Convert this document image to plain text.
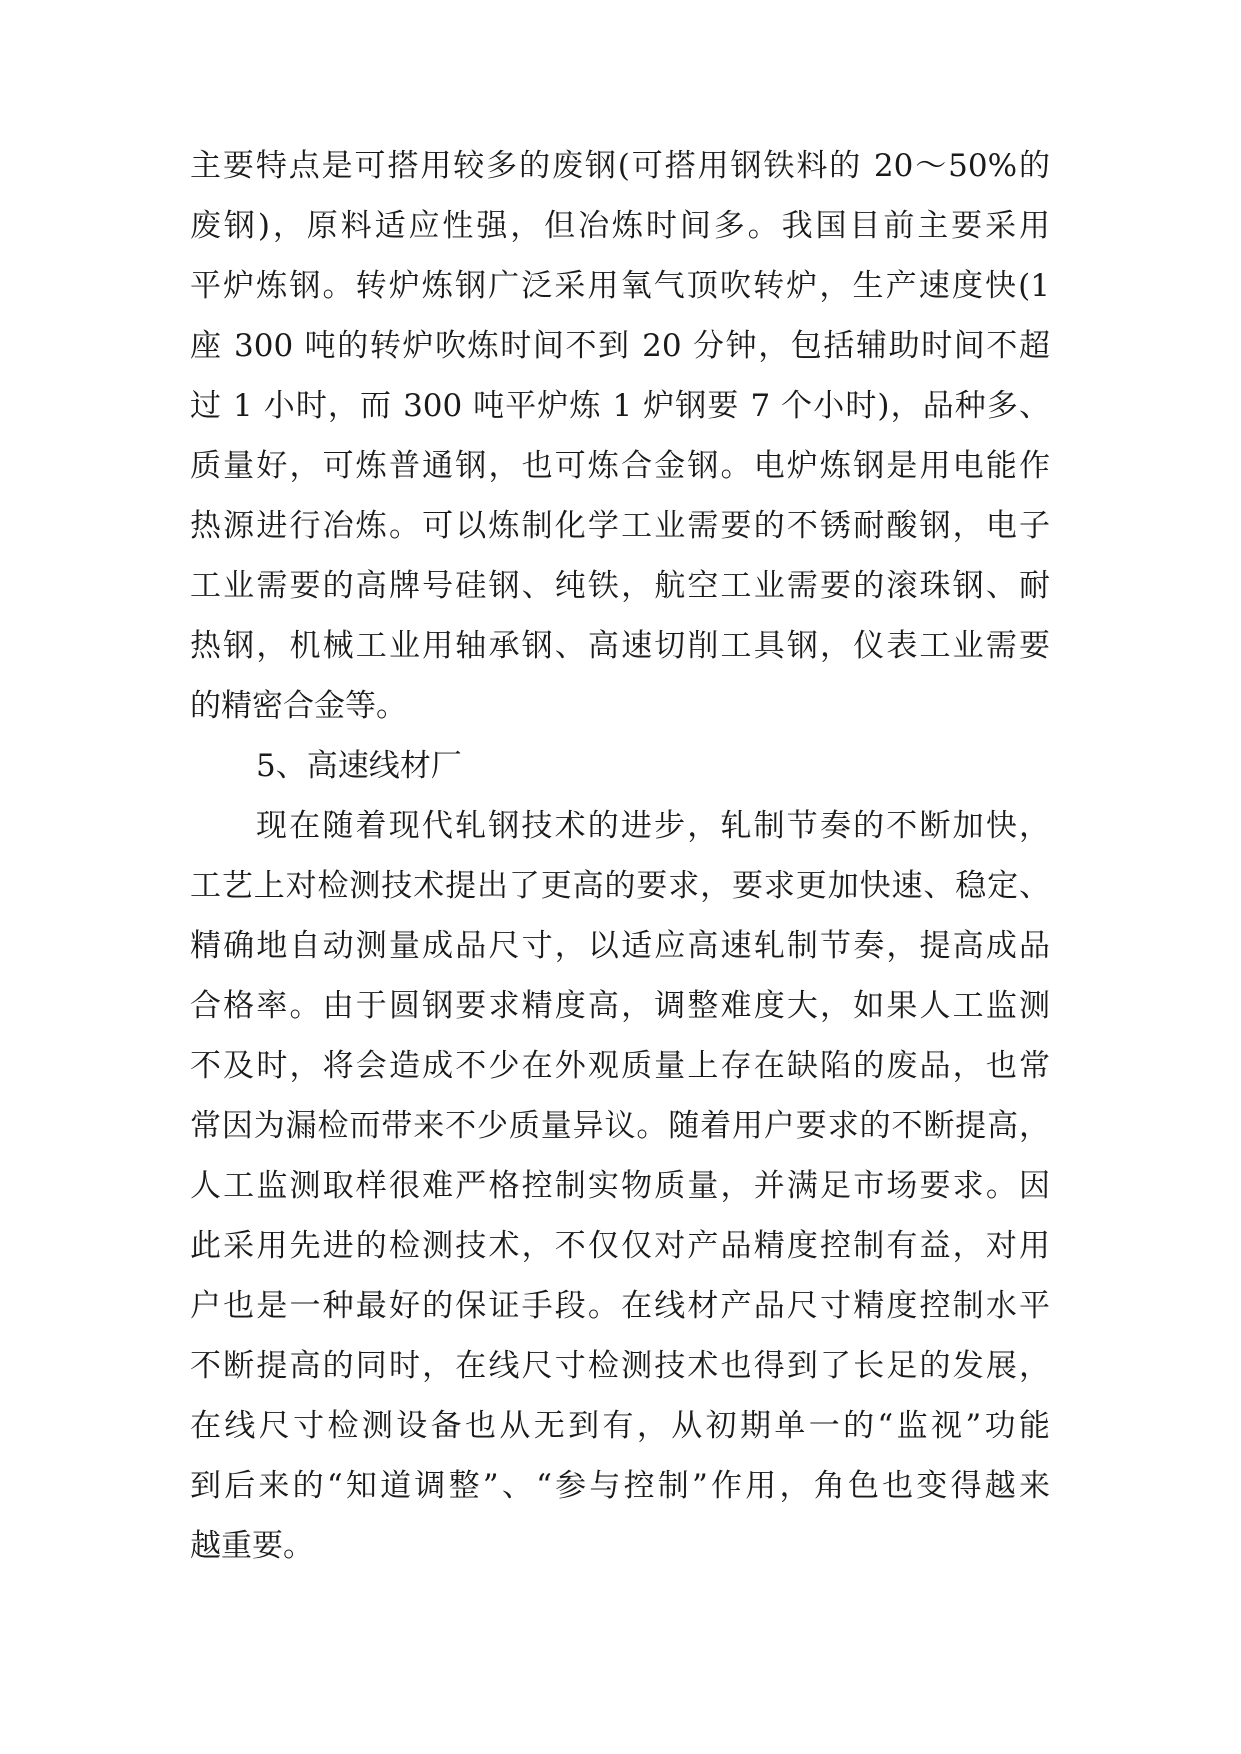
主要特点是可搭用较多的废钢(可搭用钢铁料的 20～50%的
废钢)，原料适应性强，但冶炼时间多。我国目前主要采用
平炉炼钢。转炉炼钢广泛采用氧气顶吹转炉，生产速度快(1
座 300 吨的转炉吹炼时间不到 20 分钟，包括辅助时间不超
过 1 小时，而 300 吨平炉炼 1 炉钢要 7 个小时)，品种多、
质量好，可炼普通钢，也可炼合金钢。电炉炼钢是用电能作
热源进行冶炼。可以炼制化学工业需要的不锈耐酸钢，电子
工业需要的高牌号硅钢、纯铁，航空工业需要的滚珠钢、耐
热钢，机械工业用轴承钢、高速切削工具钢，仪表工业需要
的精密合金等。
5、高速线材厂
现在随着现代轧钢技术的进步，轧制节奏的不断加快，
工艺上对检测技术提出了更高的要求，要求更加快速、稳定、
精确地自动测量成品尺寸，以适应高速轧制节奏，提高成品
合格率。由于圆钢要求精度高，调整难度大，如果人工监测
不及时，将会造成不少在外观质量上存在缺陷的废品，也常
常因为漏检而带来不少质量异议。随着用户要求的不断提高，
人工监测取样很难严格控制实物质量，并满足市场要求。因
此采用先进的检测技术，不仅仅对产品精度控制有益，对用
户也是一种最好的保证手段。在线材产品尺寸精度控制水平
不断提高的同时，在线尺寸检测技术也得到了长足的发展，
在线尺寸检测设备也从无到有，从初期单一的“监视”功能
到后来的“知道调整”、“参与控制”作用，角色也变得越来
越重要。
